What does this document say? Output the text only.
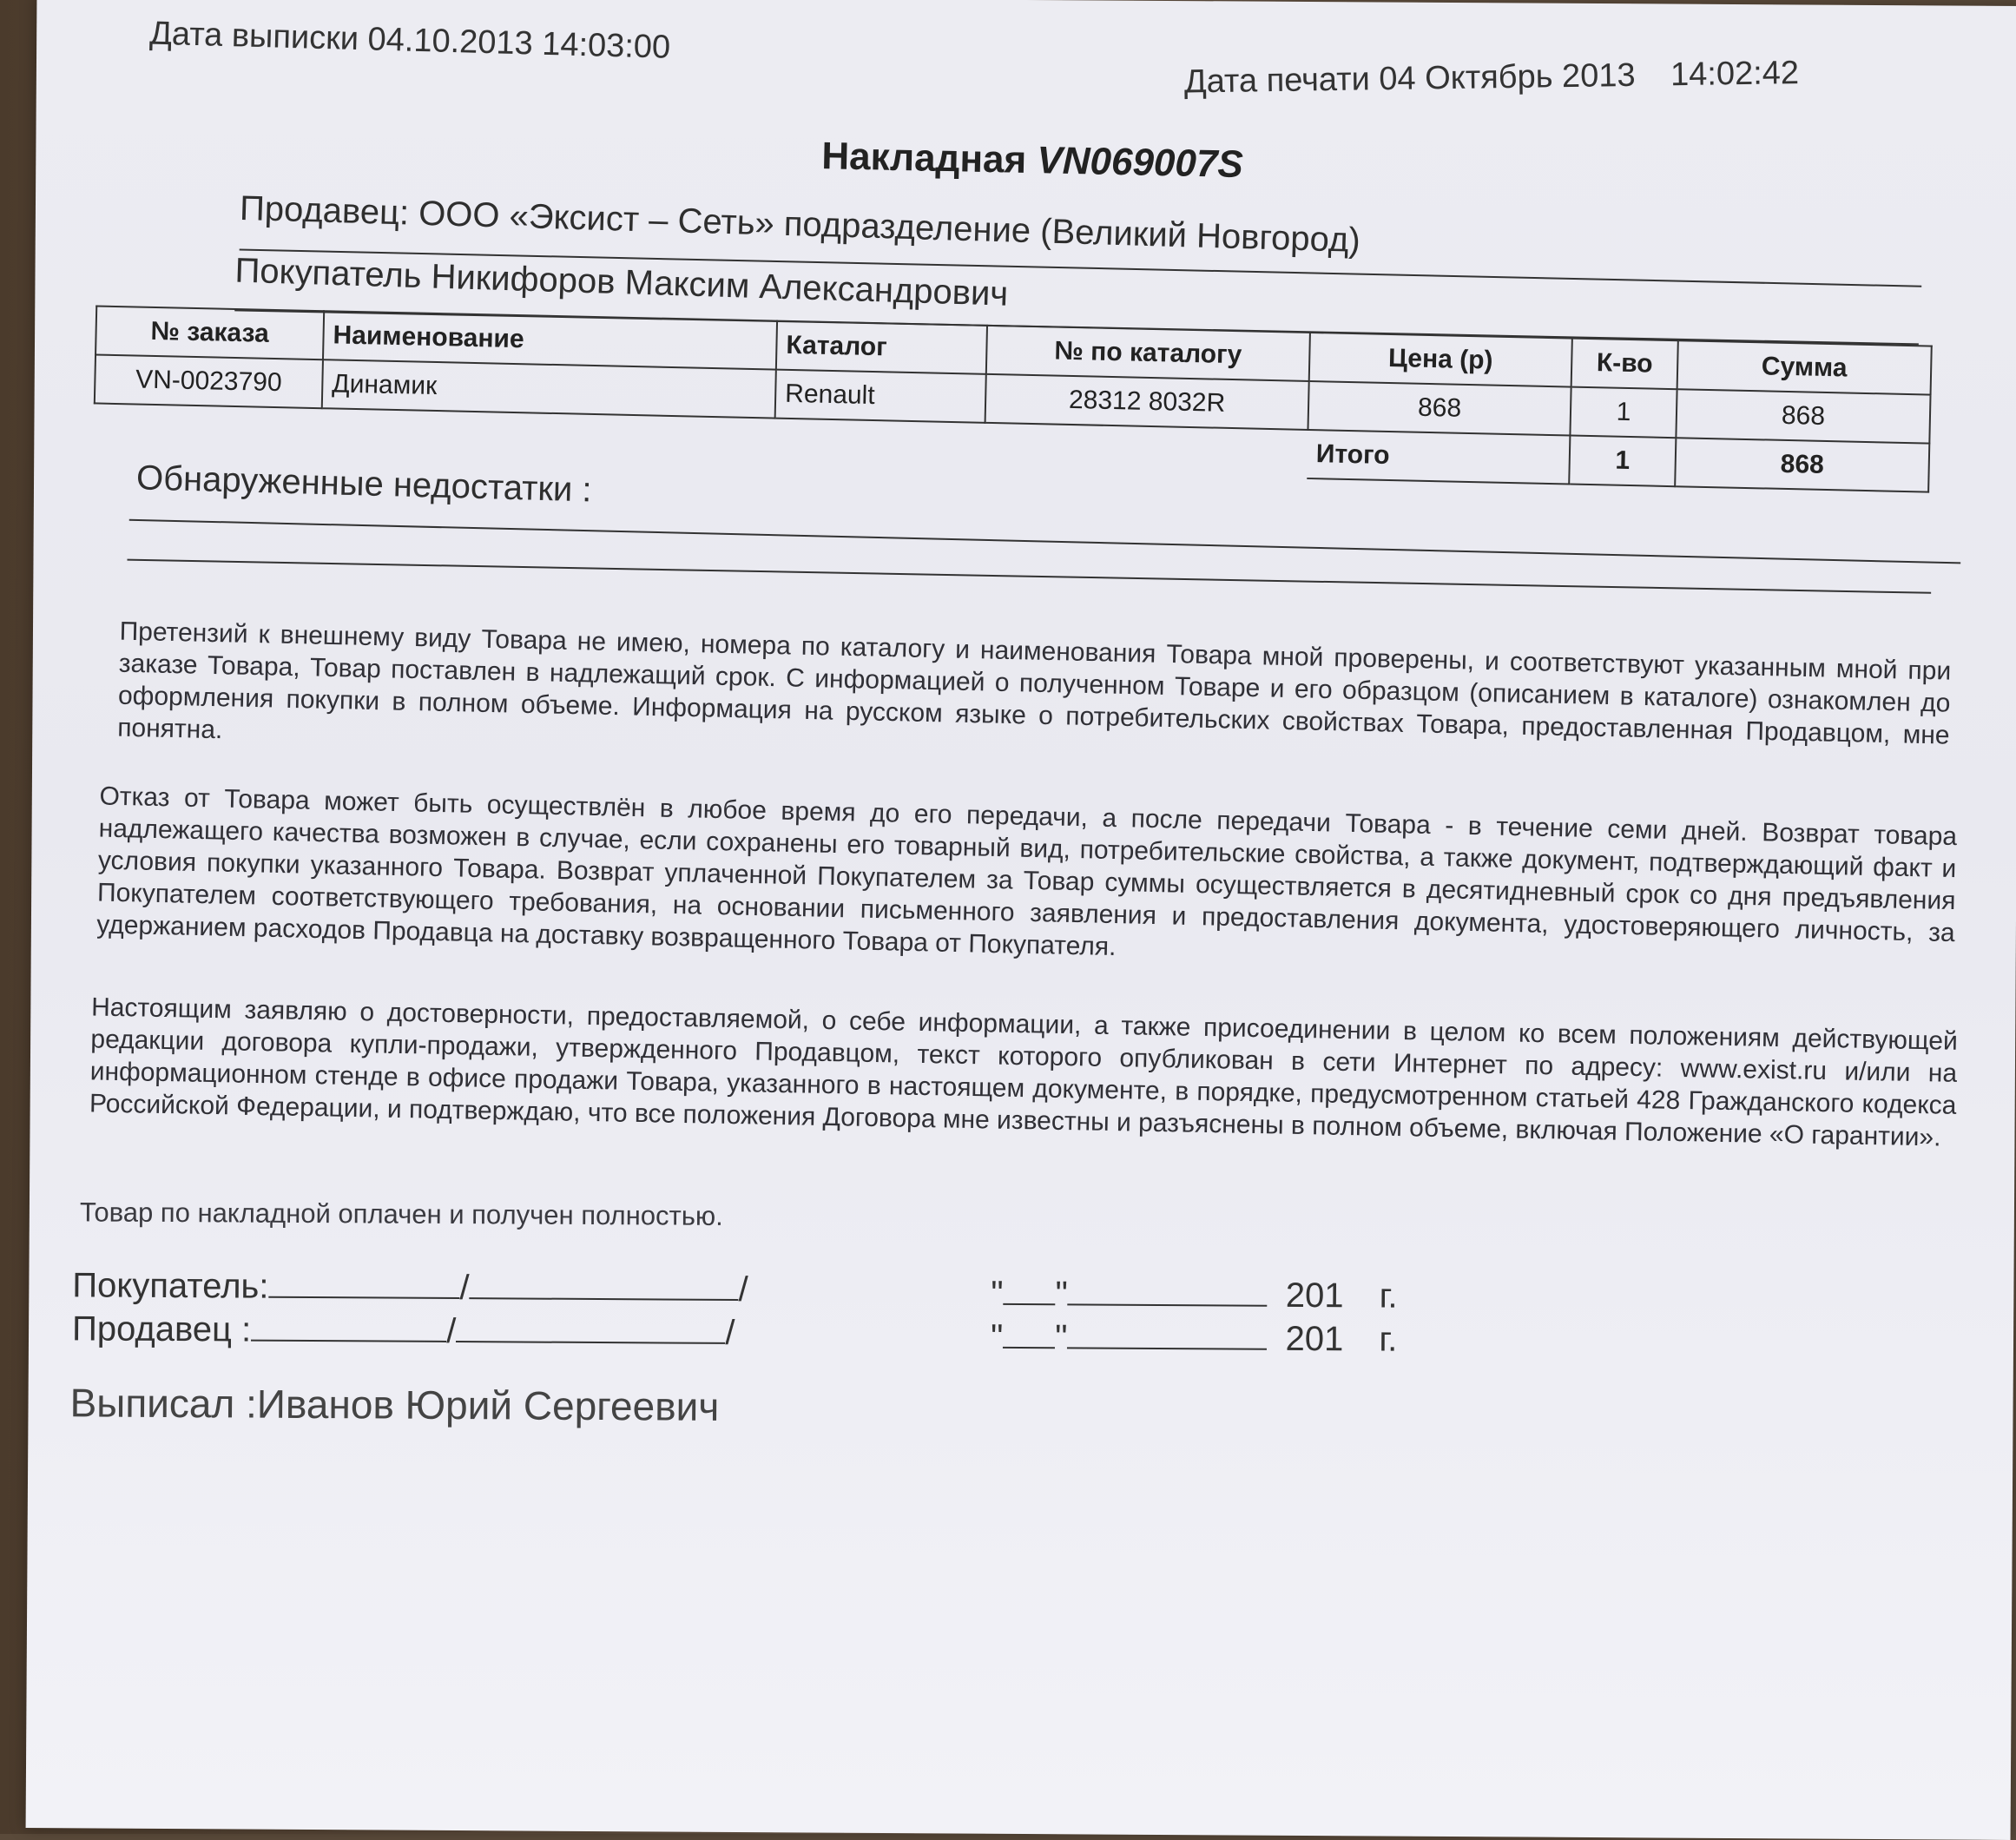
Дата выписки 04.10.2013 14:03:00
Дата печати 04 Октябрь 2013 14:02:42
Накладная VN069007S
Продавец: ООО «Эксист – Сеть» подразделение (Великий Новгород)
Покупатель Никифоров Максим Александрович
№ заказа	Наименование	Каталог	№ по каталогу	Цена (р)	К-во	Сумма
VN-0023790	Динамик	Renault	28312 8032R	868	1	868
				Итого	1	868
Обнаруженные недостатки :
Претензий к внешнему виду Товара не имею, номера по каталогу и наименования Товара мной проверены, и соответствуют указанным мной при заказе Товара, Товар поставлен в надлежащий срок. С информацией о полученном Товаре и его образцом (описанием в каталоге) ознакомлен до оформления покупки в полном объеме. Информация на русском языке о потребительских свойствах Товара, предоставленная Продавцом, мне понятна.
Отказ от Товара может быть осуществлён в любое время до его передачи, а после передачи Товара - в течение семи дней. Возврат товара надлежащего качества возможен в случае, если сохранены его товарный вид, потребительские свойства, а также документ, подтверждающий факт и условия покупки указанного Товара. Возврат уплаченной Покупателем за Товар суммы осуществляется в десятидневный срок со дня предъявления Покупателем соответствующего требования, на основании письменного заявления и предоставления документа, удостоверяющего личность, за удержанием расходов Продавца на доставку возвращенного Товара от Покупателя.
Настоящим заявляю о достоверности, предоставляемой, о себе информации, а также присоединении в целом ко всем положениям действующей редакции договора купли-продажи, утвержденного Продавцом, текст которого опубликован в сети Интернет по адресу: www.exist.ru и/или на информационном стенде в офисе продажи Товара, указанного в настоящем документе, в порядке, предусмотренном статьей 428 Гражданского кодекса Российской Федерации, и подтверждаю, что все положения Договора мне известны и разъяснены в полном объеме, включая Положение «О гарантии».
Товар по накладной оплачен и получен полностью.
Покупатель:	/	/
Продавец :	/	/
" "	201 г.
" "	201 г.
Выписал :Иванов Юрий Сергеевич
